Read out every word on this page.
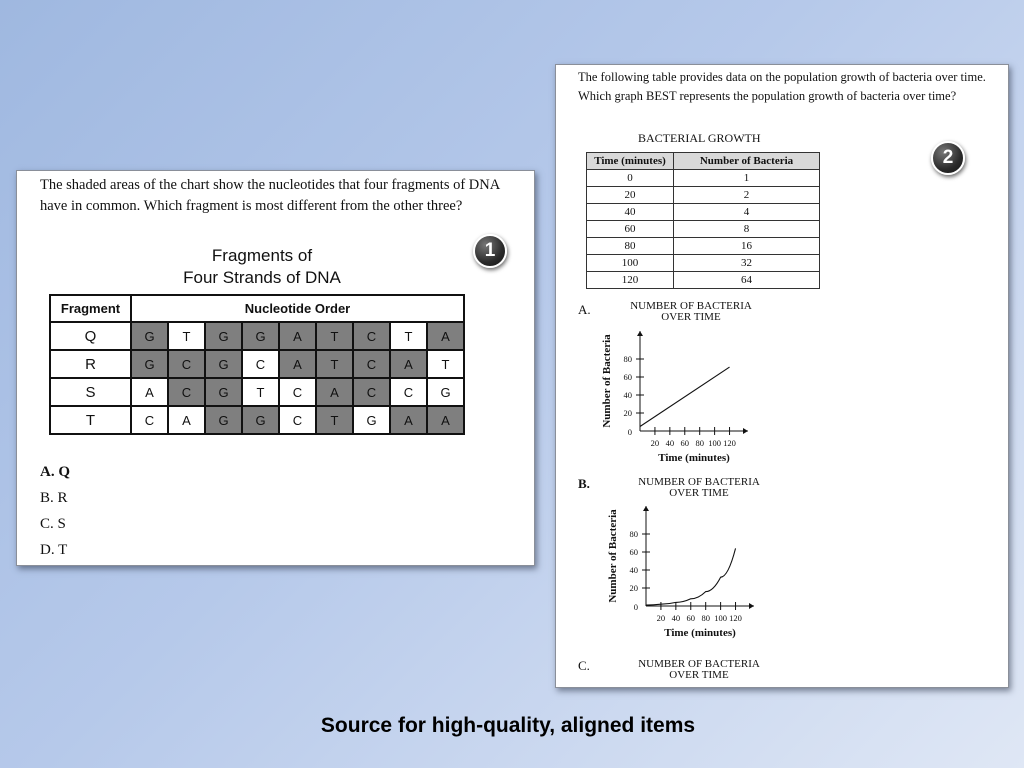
The shaded areas of the chart show the nucleotides that four fragments of DNA have in common. Which fragment is most different from the other three?
1
Fragments of
Four Strands of DNA
Fragment	Nucleotide Order								
Q	G	T	G	G	A	T	C	T	A
R	G	C	G	C	A	T	C	A	T
S	A	C	G	T	C	A	C	C	G
T	C	A	G	G	C	T	G	A	A
A. Q
B. R
C. S
D. T
The following table provides data on the population growth of bacteria over time.
Which graph BEST represents the population growth of bacteria over time?
2
BACTERIAL GROWTH
Time (minutes)	Number of Bacteria
0	1
20	2
40	4
60	8
80	16
100	32
120	64
A.	NUMBER OF BACTERIA
OVER TIME
20 40 60 80 100 120
20
40
60
80
0
Time (minutes)
Number of Bacteria
B.	NUMBER OF BACTERIA
OVER TIME
20 40 60 80 100 120
20
40
60
80
0
Time (minutes)
Number of Bacteria
C.	NUMBER OF BACTERIA
OVER TIME
Source for high-quality, aligned items
